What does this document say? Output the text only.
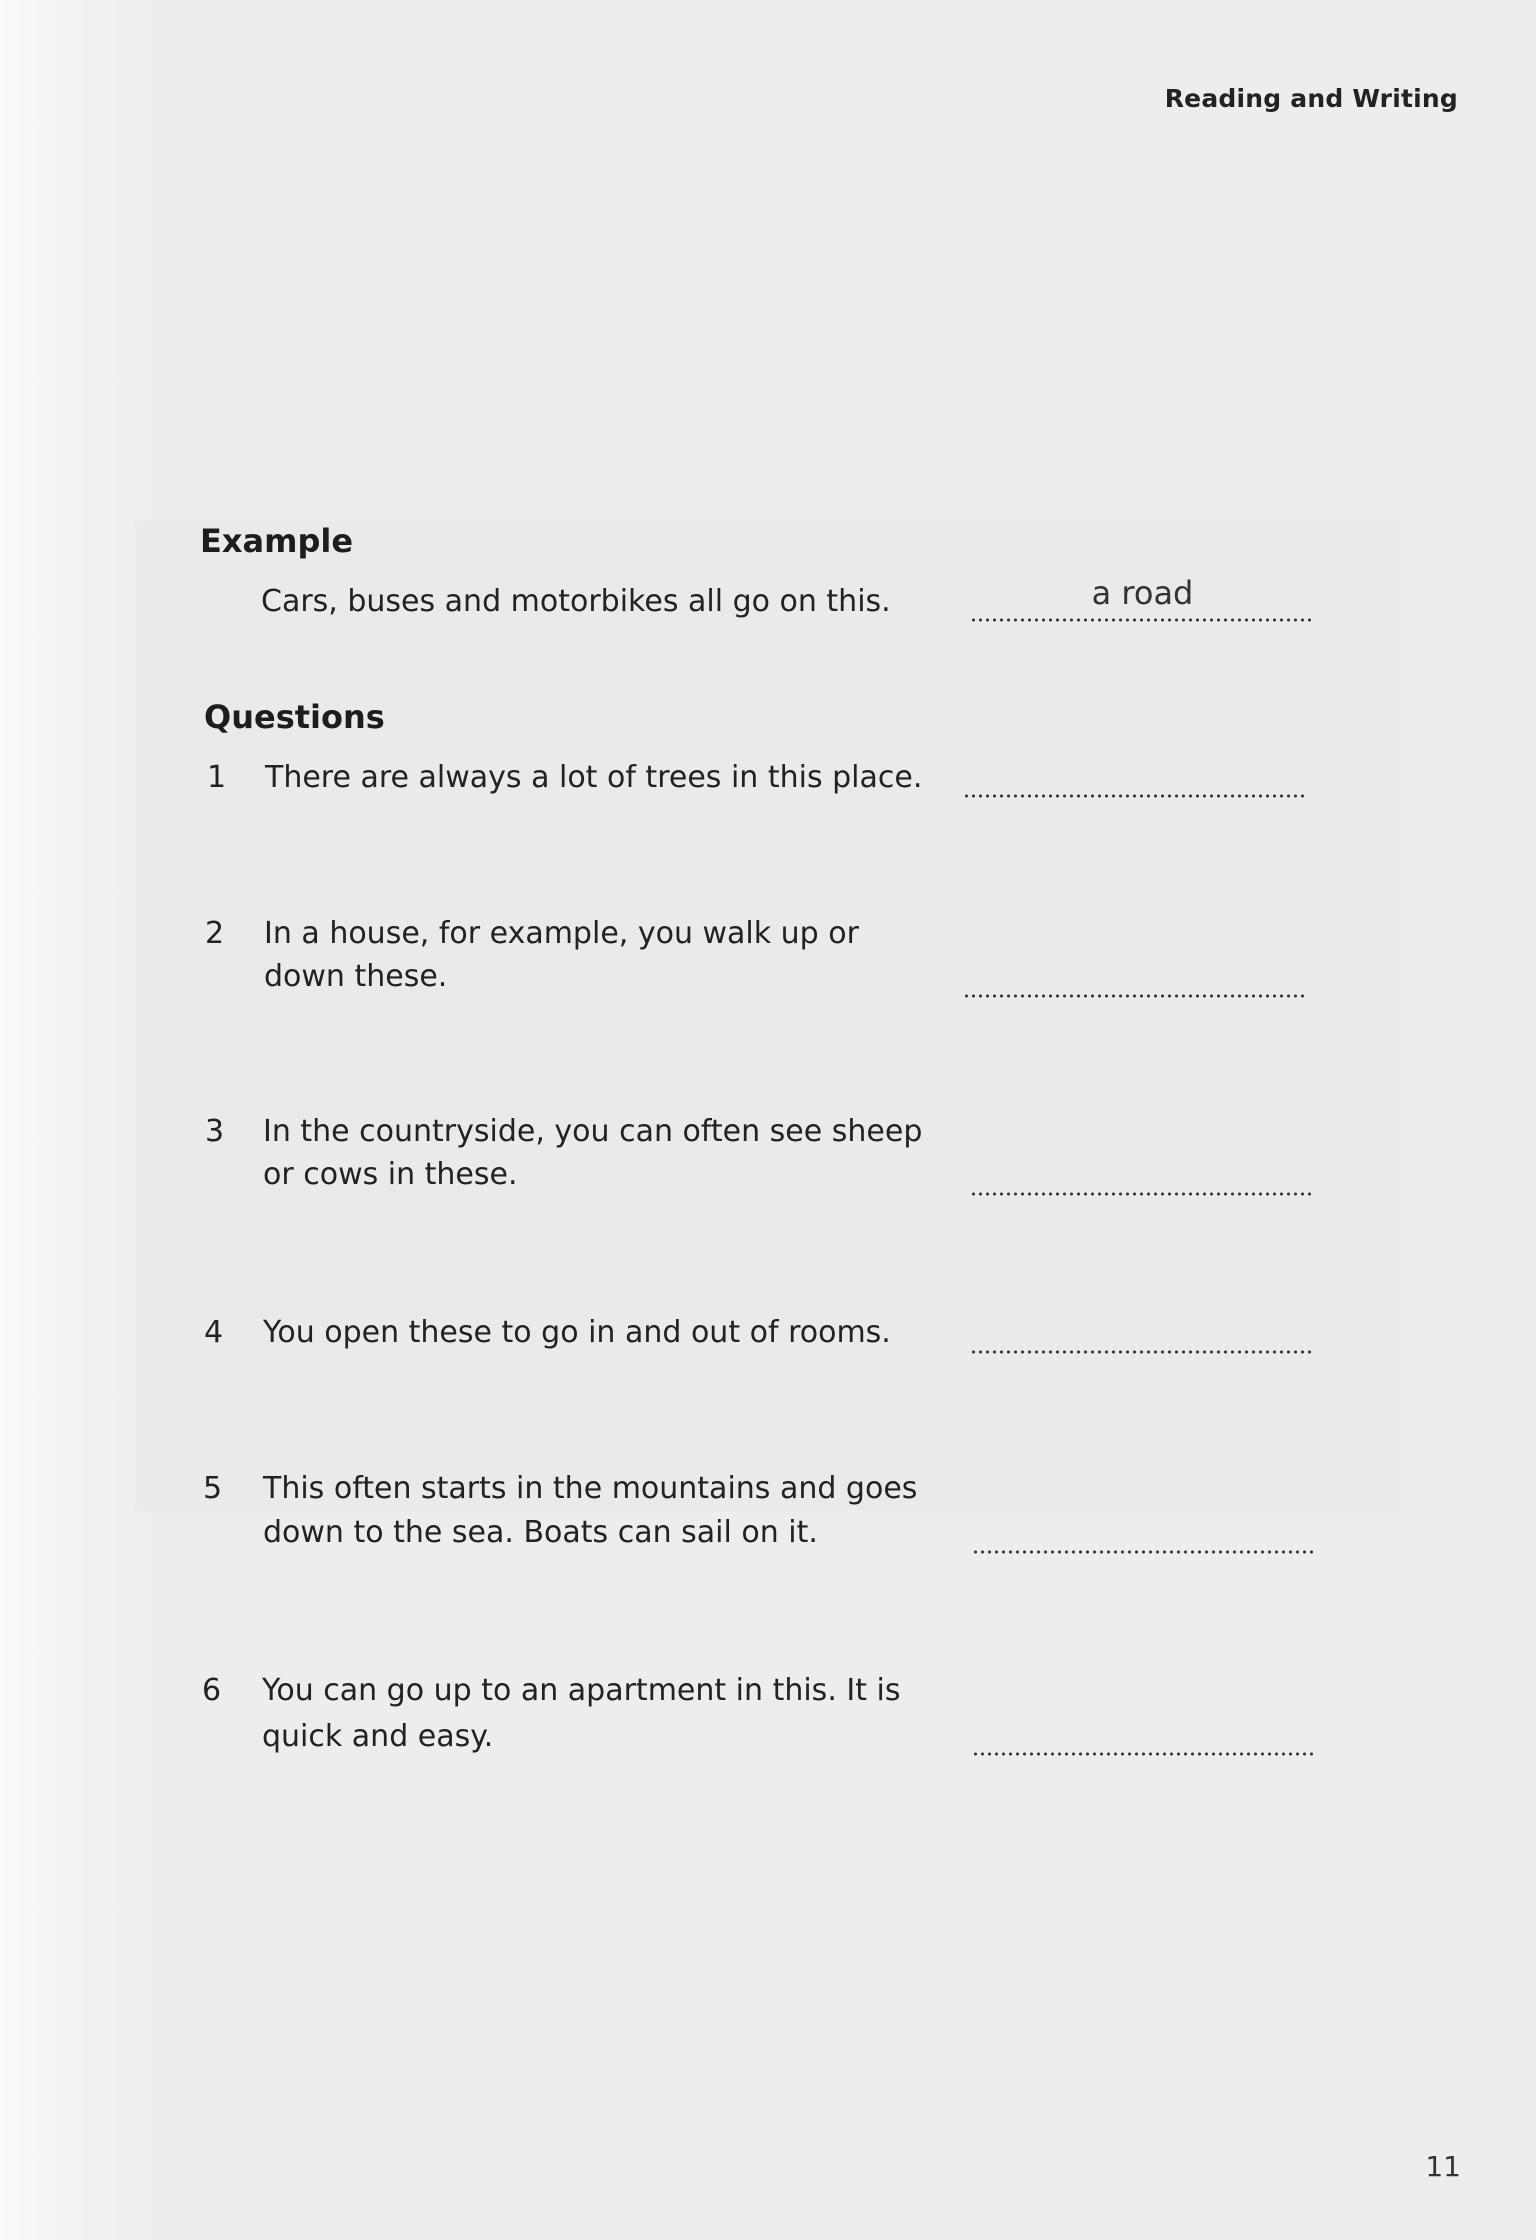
Reading and Writing
Example
Cars, buses and motorbikes all go on this.	a road
Questions
1 There are always a lot of trees in this place.
2 In a house, for example, you walk up or
down these.
3 In the countryside, you can often see sheep
or cows in these.
4 You open these to go in and out of rooms.
5 This often starts in the mountains and goes
down to the sea. Boats can sail on it.
6 You can go up to an apartment in this. It is
quick and easy.
11
